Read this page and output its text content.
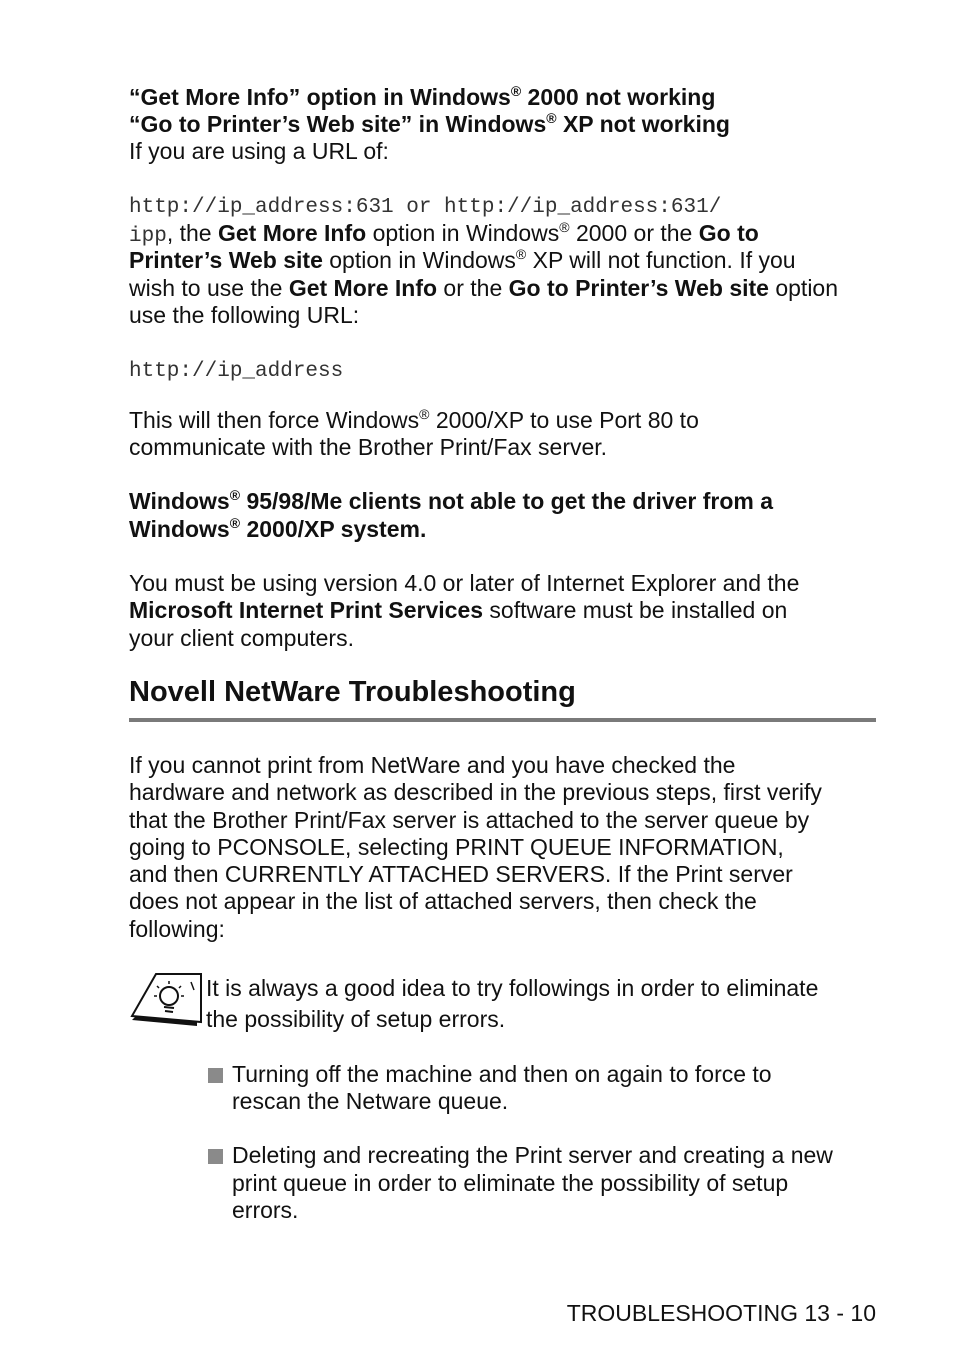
“Get More Info” option in Windows® 2000 not working
“Go to Printer’s Web site” in Windows® XP not working
If you are using a URL of:
http://ip_address:631 or http://ip_address:631/
ipp, the Get More Info option in Windows® 2000 or the Go to
Printer’s Web site option in Windows® XP will not function. If you
wish to use the Get More Info or the Go to Printer’s Web site option
use the following URL:
http://ip_address
This will then force Windows® 2000/XP to use Port 80 to
communicate with the Brother Print/Fax server.
Windows® 95/98/Me clients not able to get the driver from a
Windows® 2000/XP system.
You must be using version 4.0 or later of Internet Explorer and the
Microsoft Internet Print Services software must be installed on
your client computers.
Novell NetWare Troubleshooting
If you cannot print from NetWare and you have checked the
hardware and network as described in the previous steps, first verify
that the Brother Print/Fax server is attached to the server queue by
going to PCONSOLE, selecting PRINT QUEUE INFORMATION,
and then CURRENTLY ATTACHED SERVERS. If the Print server
does not appear in the list of attached servers, then check the
following:
It is always a good idea to try followings in order to eliminate
the possibility of setup errors.
Turning off the machine and then on again to force to
rescan the Netware queue.
Deleting and recreating the Print server and creating a new
print queue in order to eliminate the possibility of setup
errors.
TROUBLESHOOTING 13 - 10
